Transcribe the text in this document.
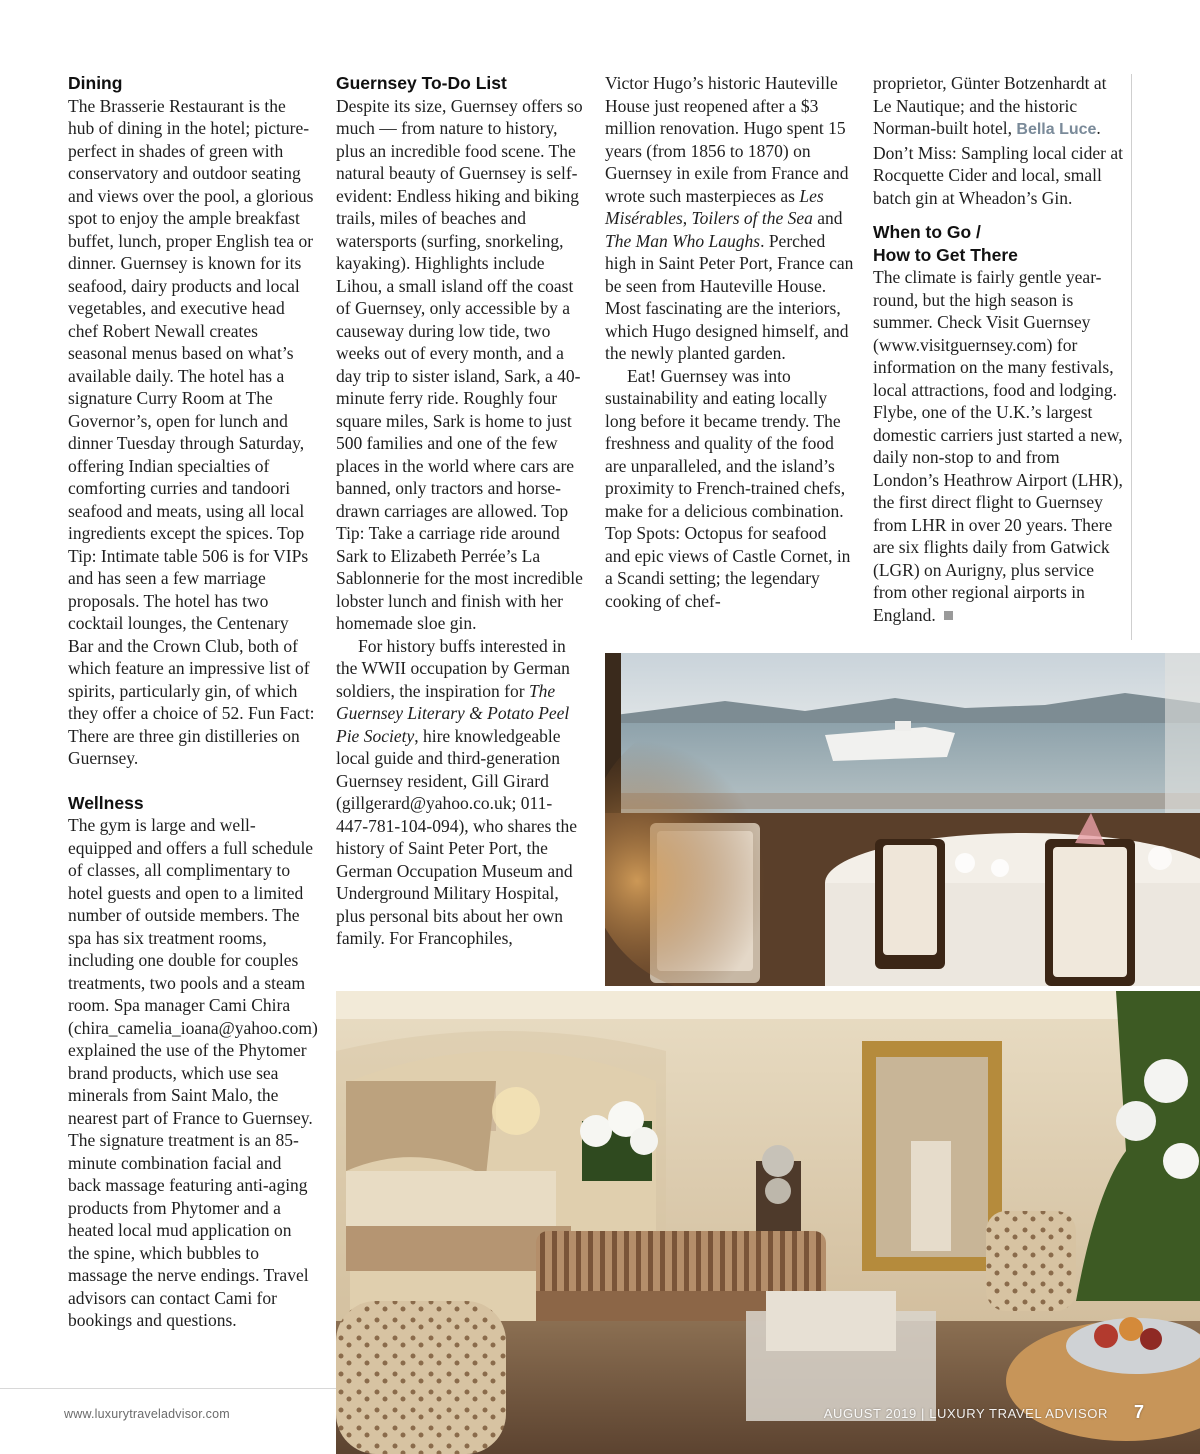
Dining

The Brasserie Restaurant is the hub of dining in the hotel; picture-perfect in shades of green with conservatory and outdoor seating and views over the pool, a glorious spot to enjoy the ample breakfast buffet, lunch, proper English tea or dinner. Guernsey is known for its seafood, dairy products and local vegetables, and executive head chef Robert Newall creates seasonal menus based on what’s available daily. The hotel has a signature Curry Room at The Governor’s, open for lunch and dinner Tuesday through Saturday, offering Indian specialties of comforting curries and tandoori seafood and meats, using all local ingredients except the spices. Top Tip: Intimate table 506 is for VIPs and has seen a few marriage proposals. The hotel has two cocktail lounges, the Centenary Bar and the Crown Club, both of which feature an impressive list of spirits, particularly gin, of which they offer a choice of 52. Fun Fact: There are three gin distilleries on Guernsey.

Wellness

The gym is large and well-equipped and offers a full schedule of classes, all complimentary to hotel guests and open to a limited number of outside members. The spa has six treatment rooms, including one double for couples treatments, two pools and a steam room. Spa manager Cami Chira (chira_camelia_ioana@yahoo.com) explained the use of the Phytomer brand products, which use sea minerals from Saint Malo, the nearest part of France to Guernsey. The signature treatment is an 85-minute combination facial and back massage featuring anti-aging products from Phytomer and a heated local mud application on the spine, which bubbles to massage the nerve endings. Travel advisors can contact Cami for bookings and questions.

Guernsey To-Do List

Despite its size, Guernsey offers so much — from nature to history, plus an incredible food scene. The natural beauty of Guernsey is self-evident: Endless hiking and biking trails, miles of beaches and watersports (surfing, snorkeling, kayaking). Highlights include Lihou, a small island off the coast of Guernsey, only accessible by a causeway during low tide, two weeks out of every month, and a day trip to sister island, Sark, a 40-minute ferry ride. Roughly four square miles, Sark is home to just 500 families and one of the few places in the world where cars are banned, only tractors and horse-drawn carriages are allowed. Top Tip: Take a carriage ride around Sark to Elizabeth Perrée’s La Sablonnerie for the most incredible lobster lunch and finish with her homemade sloe gin.

For history buffs interested in the WWII occupation by German soldiers, the inspiration for The Guernsey Literary & Potato Peel Pie Society, hire knowledgeable local guide and third-generation Guernsey resident, Gill Girard (gillgerard@yahoo.co.uk; 011-447-781-104-094), who shares the history of Saint Peter Port, the German Occupation Museum and Underground Military Hospital, plus personal bits about her own family. For Francophiles,

Victor Hugo’s historic Hauteville House just reopened after a $3 million renovation. Hugo spent 15 years (from 1856 to 1870) on Guernsey in exile from France and wrote such masterpieces as Les Misérables, Toilers of the Sea and The Man Who Laughs. Perched high in Saint Peter Port, France can be seen from Hauteville House. Most fascinating are the interiors, which Hugo designed himself, and the newly planted garden.

Eat! Guernsey was into sustainability and eating locally long before it became trendy. The freshness and quality of the food are unparalleled, and the island’s proximity to French-trained chefs, make for a delicious combination. Top Spots: Octopus for seafood and epic views of Castle Cornet, in a Scandi setting; the legendary cooking of chef-

proprietor, Günter Botzenhardt at Le Nautique; and the historic Norman-built hotel, Bella Luce. Don’t Miss: Sampling local cider at Rocquette Cider and local, small batch gin at Wheadon’s Gin.

When to Go /

How to Get There

The climate is fairly gentle year-round, but the high season is summer. Check Visit Guernsey (www.visitguernsey.com) for information on the many festivals, local attractions, food and lodging. Flybe, one of the U.K.’s largest domestic carriers just started a new, daily non-stop to and from London’s Heathrow Airport (LHR), the first direct flight to Guernsey from LHR in over 20 years. There are six flights daily from Gatwick (LGR) on Aurigny, plus service from other regional airports in England.

www.luxurytraveladvisor.com	AUGUST 2019 | LUXURY TRAVEL ADVISOR 7
